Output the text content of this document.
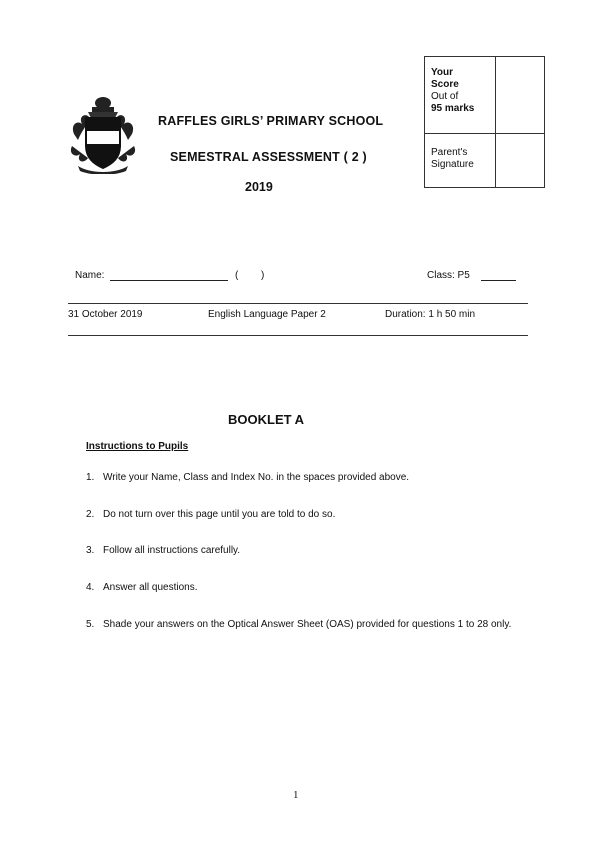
RAFFLES GIRLS’ PRIMARY SCHOOL
SEMESTRAL ASSESSMENT ( 2 )
2019
Your
Score
Out of
95 marks
Parent's
Signature
Name:	( )	Class: P5
31 October 2019	English Language Paper 2	Duration: 1 h 50 min
BOOKLET A
Instructions to Pupils
1. Write your Name, Class and Index No. in the spaces provided above.
2. Do not turn over this page until you are told to do so.
3. Follow all instructions carefully.
4. Answer all questions.
5. Shade your answers on the Optical Answer Sheet (OAS) provided for questions 1 to 28 only.
1
